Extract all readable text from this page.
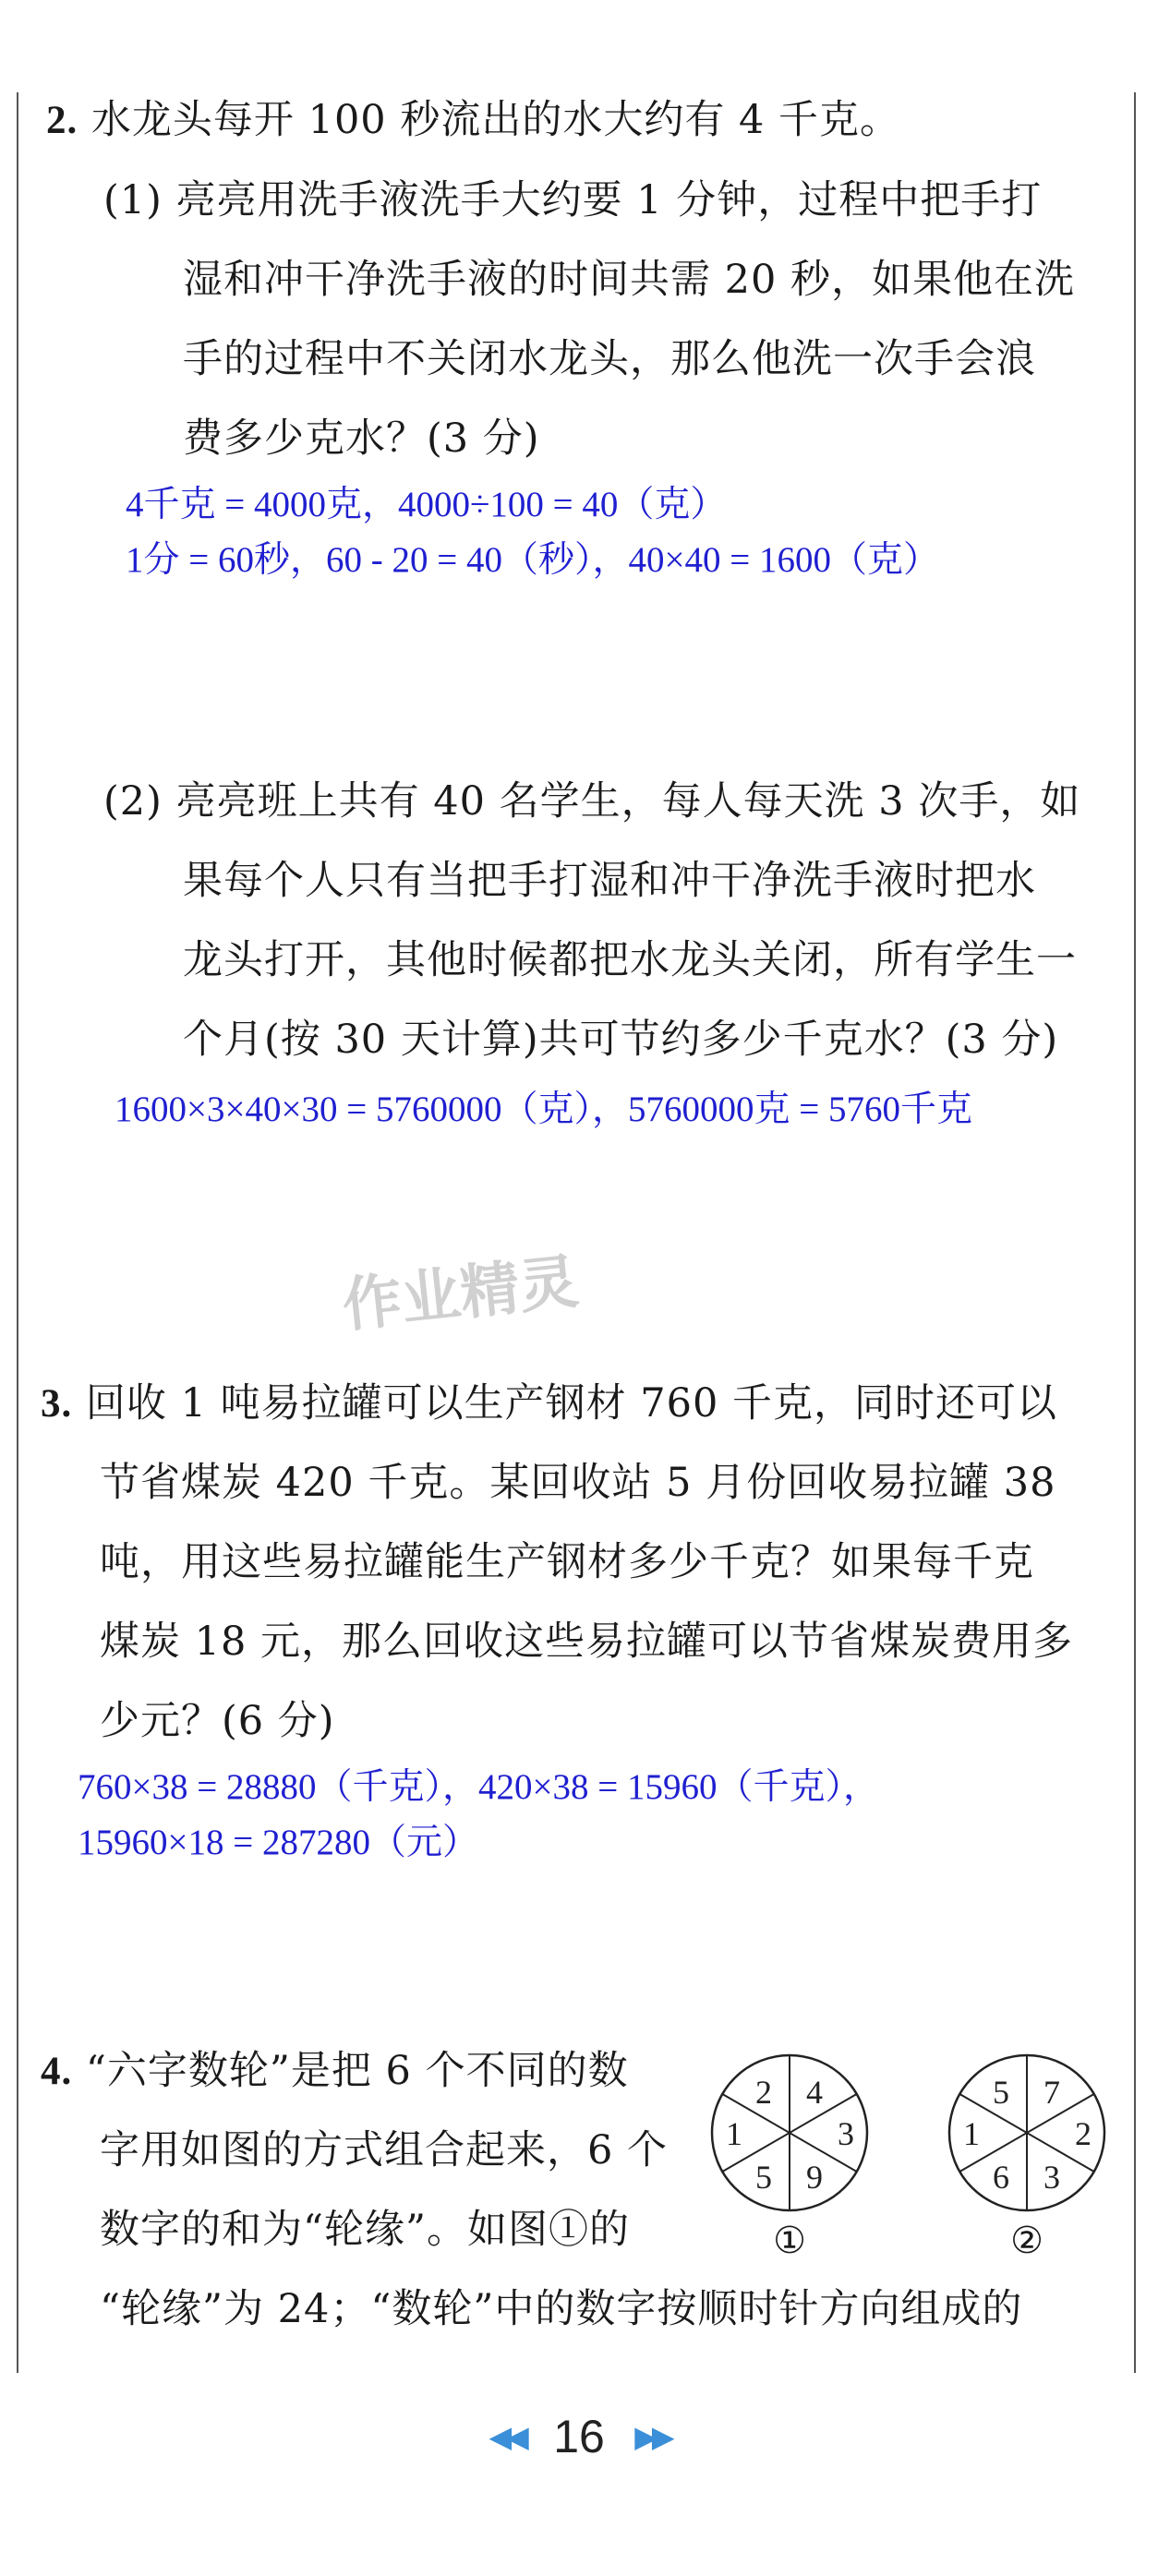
2. 水龙头每开 100 秒流出的水大约有 4 千克。
(1) 亮亮用洗手液洗手大约要 1 分钟，过程中把手打
湿和冲干净洗手液的时间共需 20 秒，如果他在洗
手的过程中不关闭水龙头，那么他洗一次手会浪
费多少克水？(3 分)
4千克 = 4000克，4000÷100 = 40（克）
1分 = 60秒，60 - 20 = 40（秒），40×40 = 1600（克）
(2) 亮亮班上共有 40 名学生，每人每天洗 3 次手，如
果每个人只有当把手打湿和冲干净洗手液时把水
龙头打开，其他时候都把水龙头关闭，所有学生一
个月(按 30 天计算)共可节约多少千克水？(3 分)
1600×3×40×30 = 5760000（克），5760000克 = 5760千克
作业精灵
3. 回收 1 吨易拉罐可以生产钢材 760 千克，同时还可以
节省煤炭 420 千克。某回收站 5 月份回收易拉罐 38
吨，用这些易拉罐能生产钢材多少千克？如果每千克
煤炭 18 元，那么回收这些易拉罐可以节省煤炭费用多
少元？(6 分)
760×38 = 28880（千克），420×38 = 15960（千克），
15960×18 = 287280（元）
4. “六字数轮”是把 6 个不同的数
字用如图的方式组合起来，6 个
数字的和为“轮缘”。如图①的
“轮缘”为 24；“数轮”中的数字按顺时针方向组成的
4
3
9
5
1
2
①
7
2
3
6
1
5
②
◀◀ 16 ▶▶
